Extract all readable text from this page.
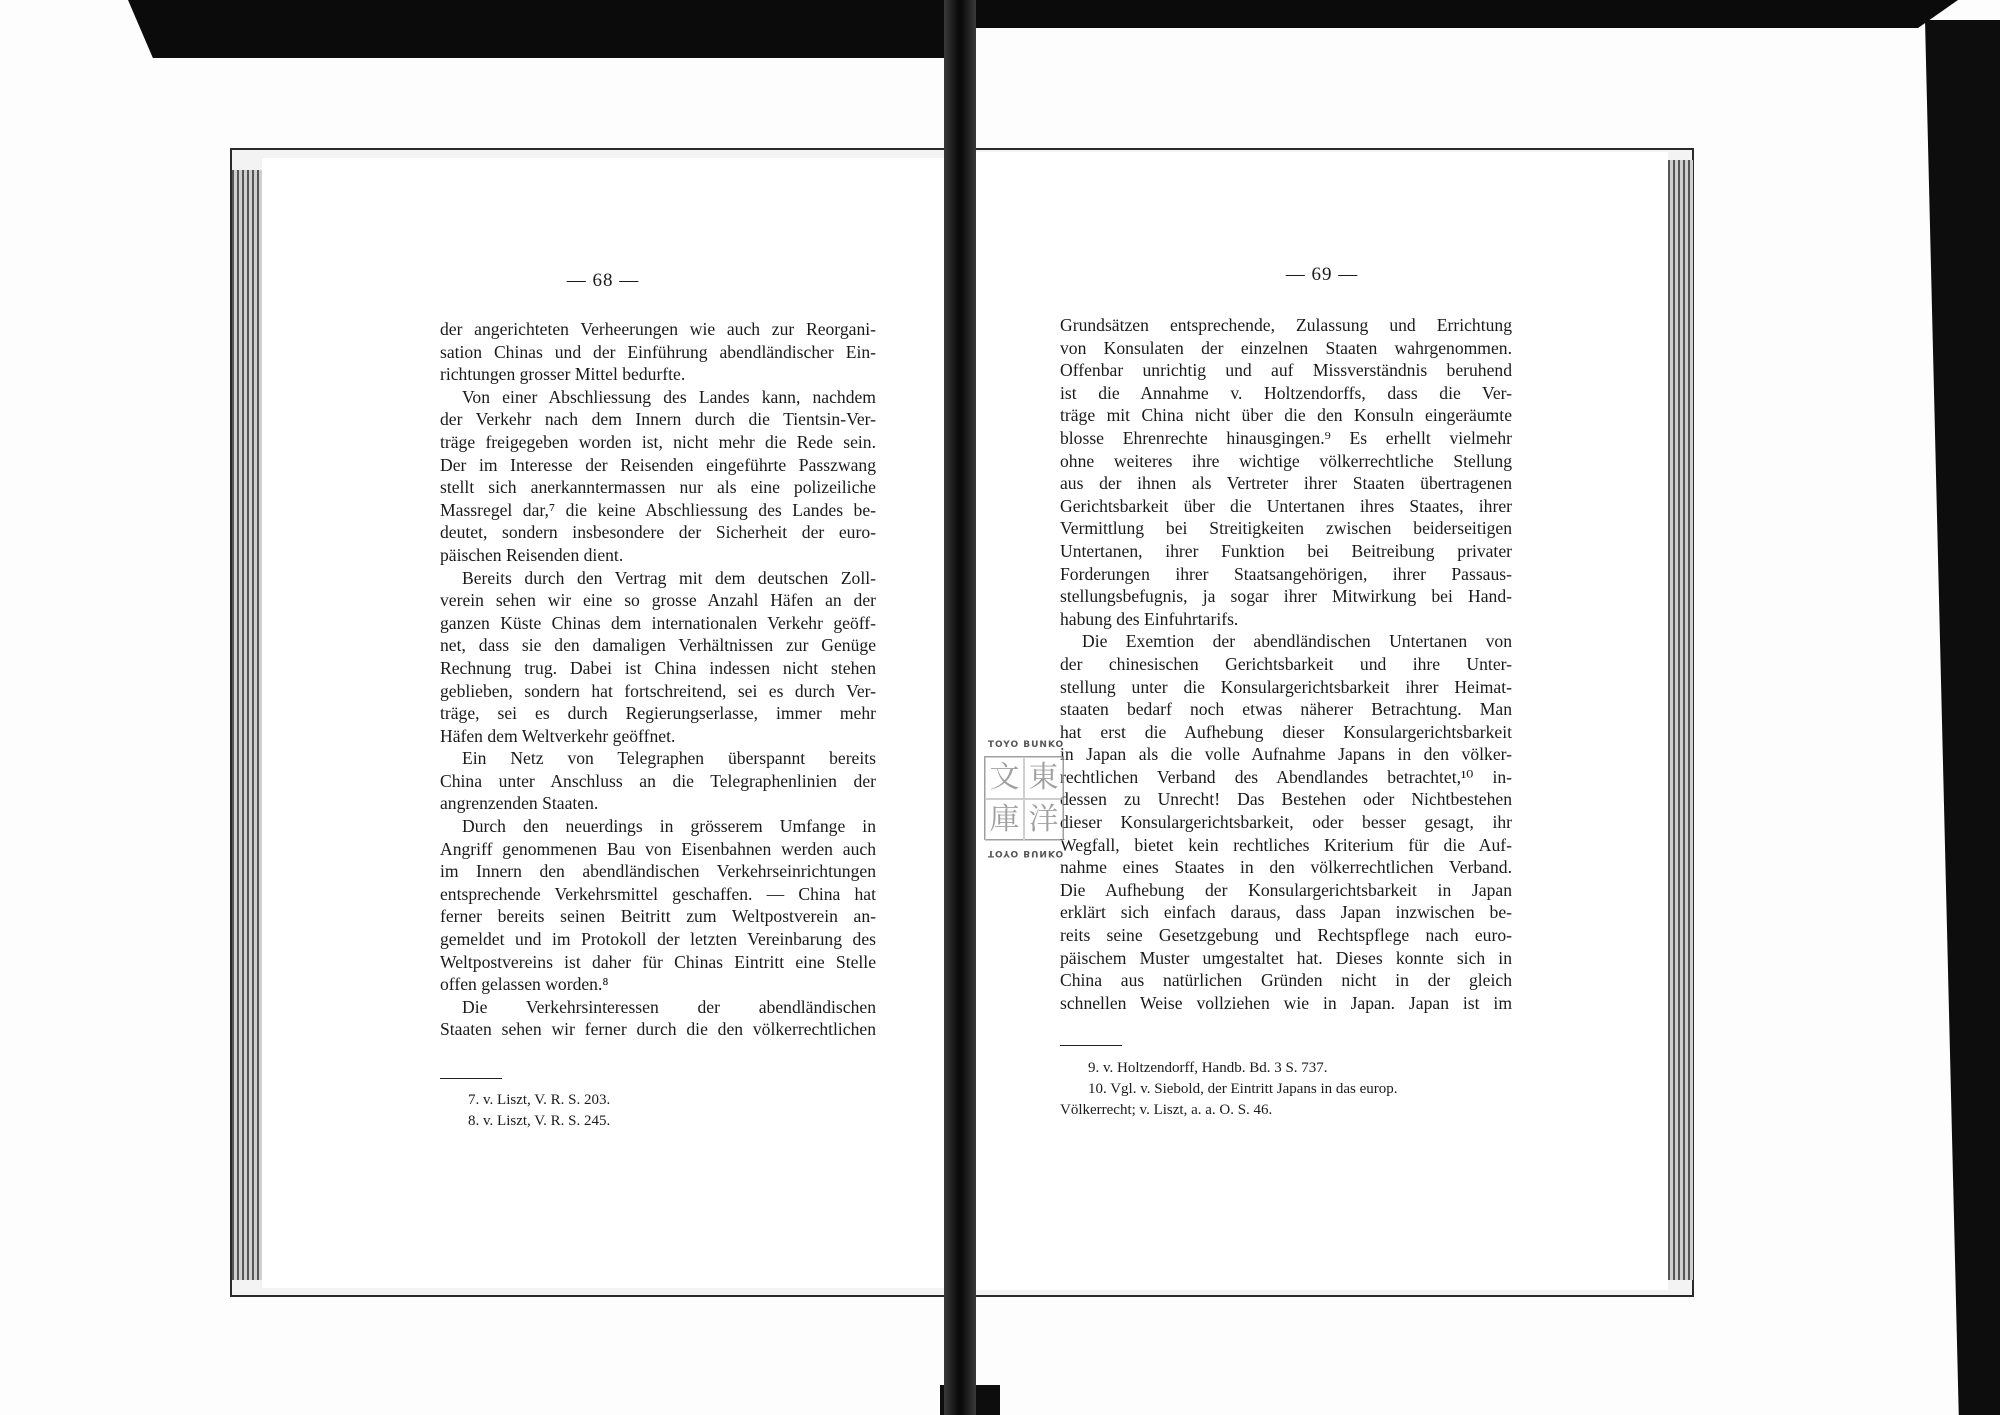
— 68 —
der angerichteten Verheerungen wie auch zur Reorgani-
sation Chinas und der Einführung abendländischer Ein-
richtungen grosser Mittel bedurfte.
Von einer Abschliessung des Landes kann, nachdem
der Verkehr nach dem Innern durch die Tientsin-Ver-
träge freigegeben worden ist, nicht mehr die Rede sein.
Der im Interesse der Reisenden eingeführte Passzwang
stellt sich anerkanntermassen nur als eine polizeiliche
Massregel dar,⁷ die keine Abschliessung des Landes be-
deutet, sondern insbesondere der Sicherheit der euro-
päischen Reisenden dient.
Bereits durch den Vertrag mit dem deutschen Zoll-
verein sehen wir eine so grosse Anzahl Häfen an der
ganzen Küste Chinas dem internationalen Verkehr geöff-
net, dass sie den damaligen Verhältnissen zur Genüge
Rechnung trug. Dabei ist China indessen nicht stehen
geblieben, sondern hat fortschreitend, sei es durch Ver-
träge, sei es durch Regierungserlasse, immer mehr
Häfen dem Weltverkehr geöffnet.
Ein Netz von Telegraphen überspannt bereits
China unter Anschluss an die Telegraphenlinien der
angrenzenden Staaten.
Durch den neuerdings in grösserem Umfange in
Angriff genommenen Bau von Eisenbahnen werden auch
im Innern den abendländischen Verkehrseinrichtungen
entsprechende Verkehrsmittel geschaffen. — China hat
ferner bereits seinen Beitritt zum Weltpostverein an-
gemeldet und im Protokoll der letzten Vereinbarung des
Weltpostvereins ist daher für Chinas Eintritt eine Stelle
offen gelassen worden.⁸
Die Verkehrsinteressen der abendländischen
Staaten sehen wir ferner durch die den völkerrechtlichen
7. v. Liszt, V. R. S. 203.
8. v. Liszt, V. R. S. 245.
— 69 —
Grundsätzen entsprechende, Zulassung und Errichtung
von Konsulaten der einzelnen Staaten wahrgenommen.
Offenbar unrichtig und auf Missverständnis beruhend
ist die Annahme v. Holtzendorffs, dass die Ver-
träge mit China nicht über die den Konsuln eingeräumte
blosse Ehrenrechte hinausgingen.⁹ Es erhellt vielmehr
ohne weiteres ihre wichtige völkerrechtliche Stellung
aus der ihnen als Vertreter ihrer Staaten übertragenen
Gerichtsbarkeit über die Untertanen ihres Staates, ihrer
Vermittlung bei Streitigkeiten zwischen beiderseitigen
Untertanen, ihrer Funktion bei Beitreibung privater
Forderungen ihrer Staatsangehörigen, ihrer Passaus-
stellungsbefugnis, ja sogar ihrer Mitwirkung bei Hand-
habung des Einfuhrtarifs.
Die Exemtion der abendländischen Untertanen von
der chinesischen Gerichtsbarkeit und ihre Unter-
stellung unter die Konsulargerichtsbarkeit ihrer Heimat-
staaten bedarf noch etwas näherer Betrachtung. Man
hat erst die Aufhebung dieser Konsulargerichtsbarkeit
in Japan als die volle Aufnahme Japans in den völker-
rechtlichen Verband des Abendlandes betrachtet,¹⁰ in-
dessen zu Unrecht! Das Bestehen oder Nichtbestehen
dieser Konsulargerichtsbarkeit, oder besser gesagt, ihr
Wegfall, bietet kein rechtliches Kriterium für die Auf-
nahme eines Staates in den völkerrechtlichen Verband.
Die Aufhebung der Konsulargerichtsbarkeit in Japan
erklärt sich einfach daraus, dass Japan inzwischen be-
reits seine Gesetzgebung und Rechtspflege nach euro-
päischem Muster umgestaltet hat. Dieses konnte sich in
China aus natürlichen Gründen nicht in der gleich
schnellen Weise vollziehen wie in Japan. Japan ist im
9. v. Holtzendorff, Handb. Bd. 3 S. 737.
10. Vgl. v. Siebold, der Eintritt Japans in das europ.
Völkerrecht; v. Liszt, a. a. O. S. 46.
TOYO BUNKO
文 東
庫 洋
TOYO BUNKO
